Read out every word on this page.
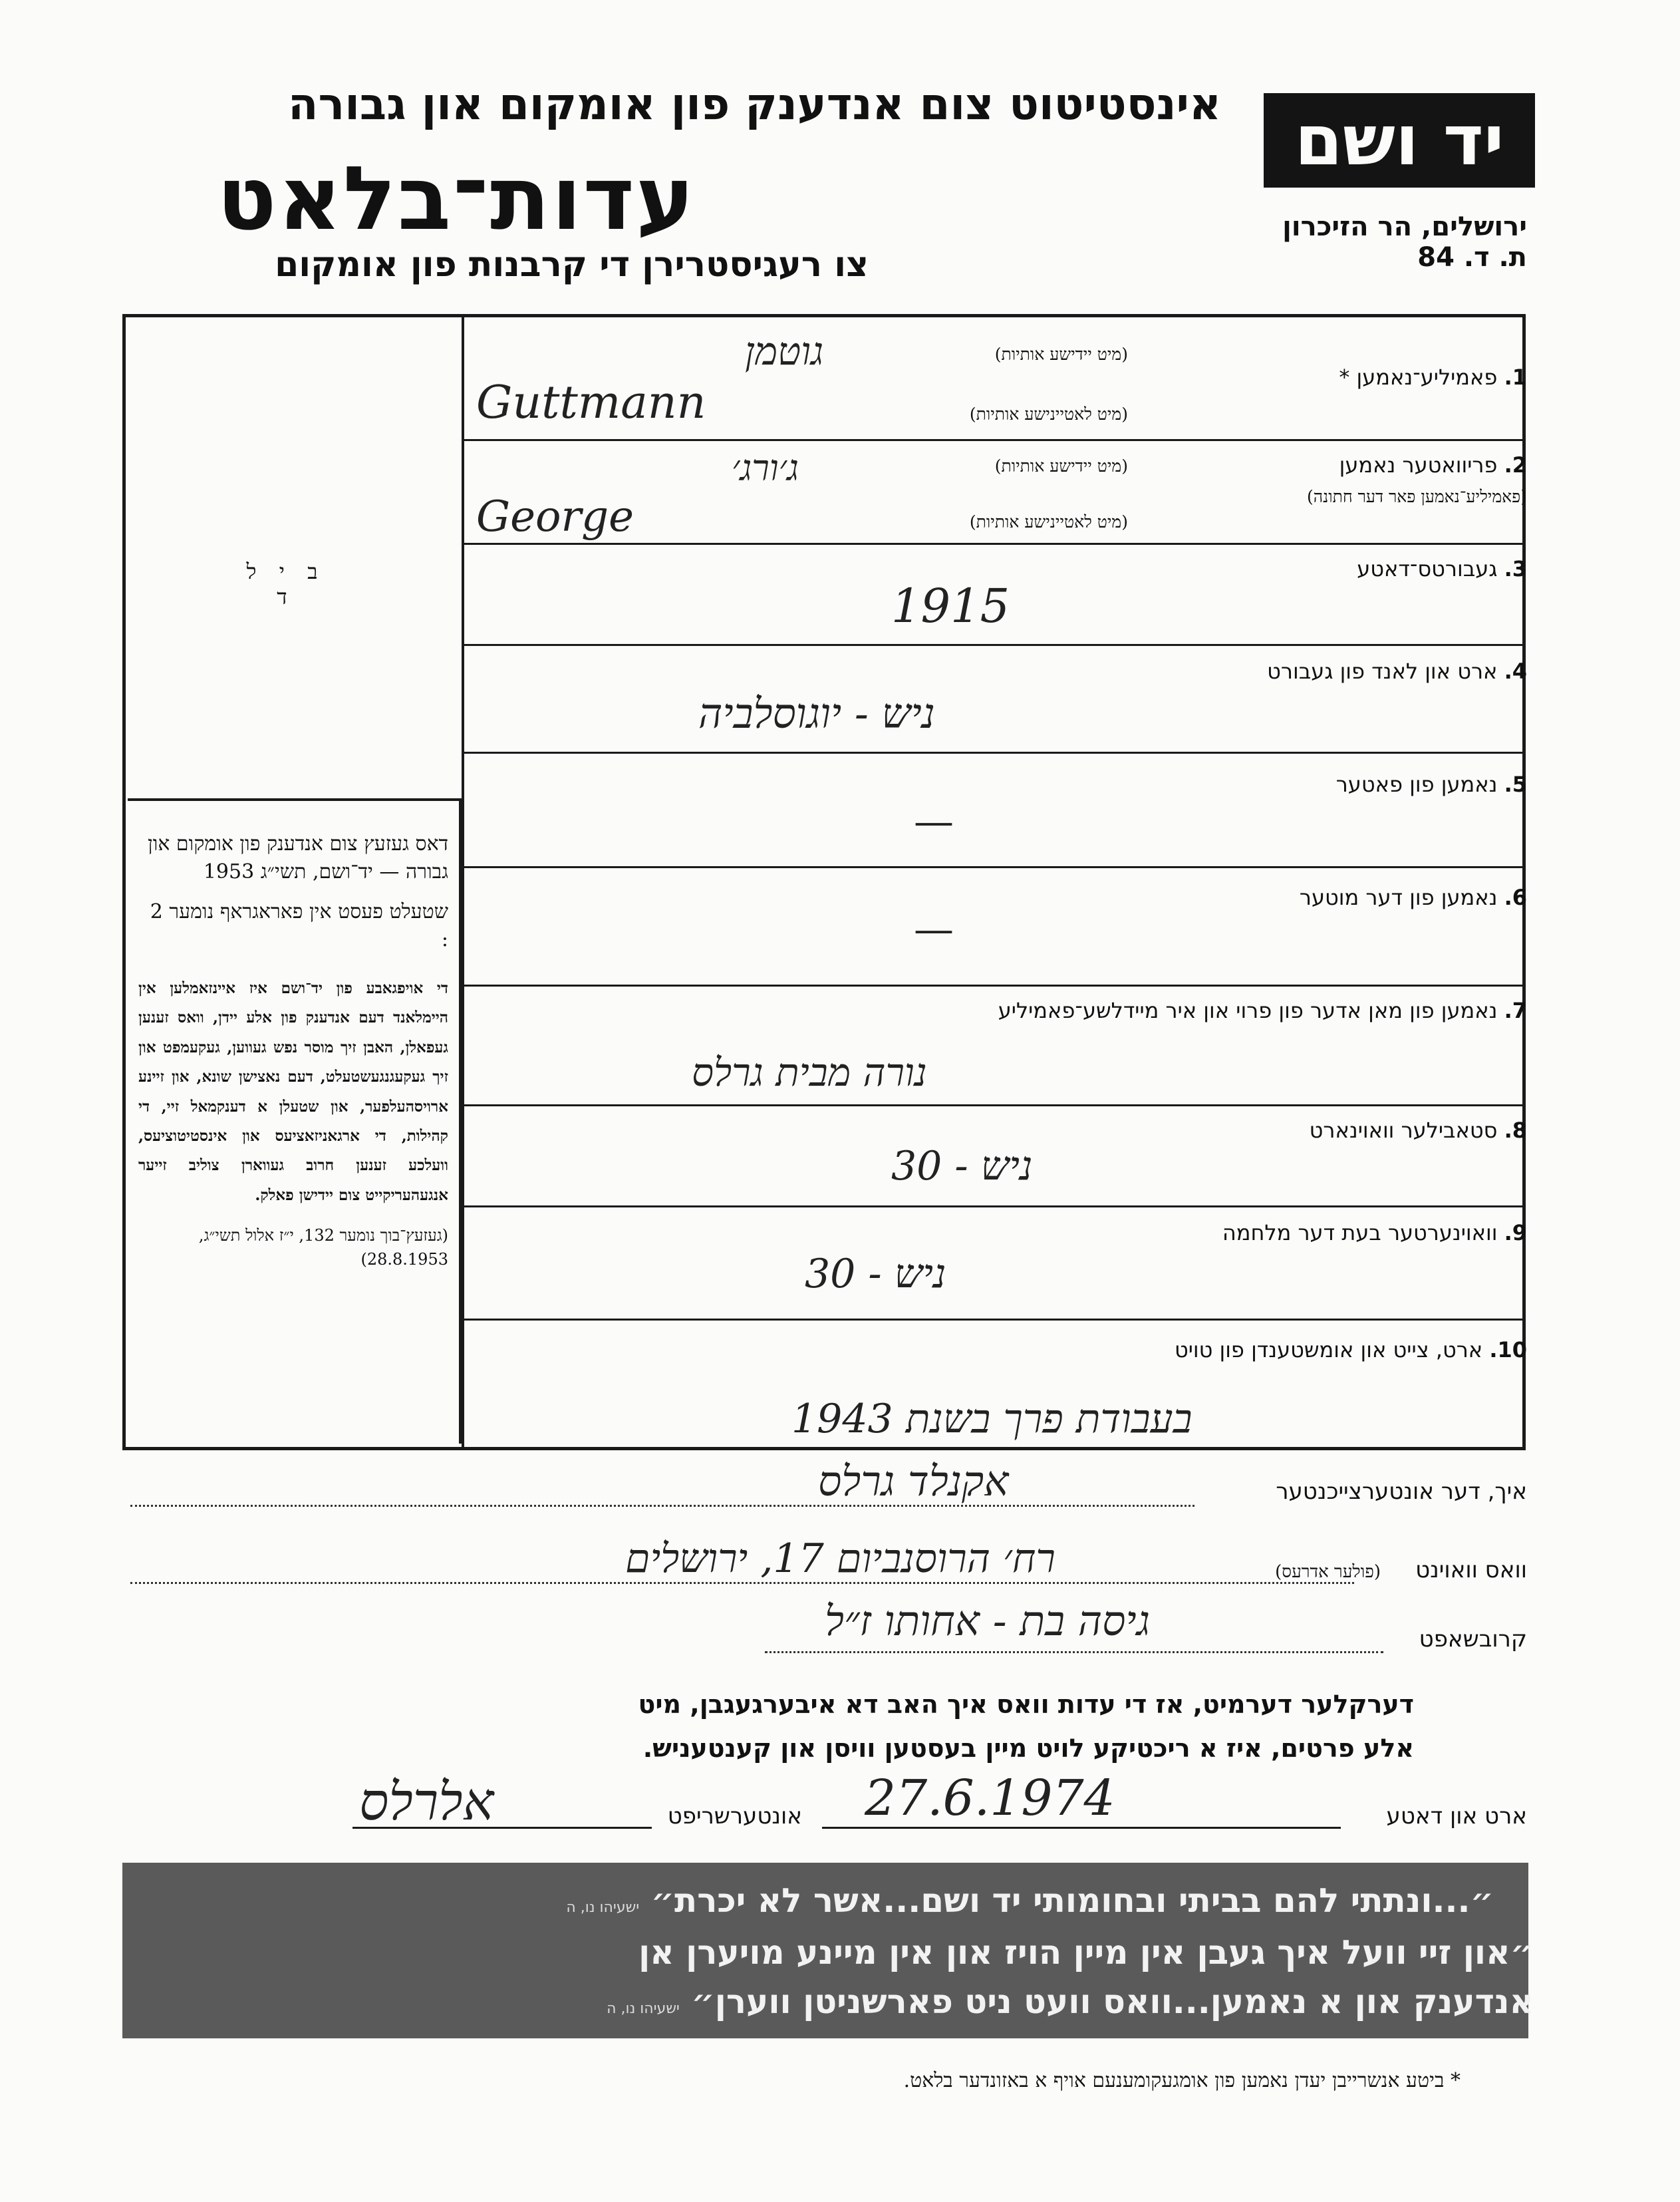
יד ושם
אינסטיטוט צום אנדענק פון אומקום און גבורה
עדות־בלאט
צו רעגיסטרירן די קרבנות פון אומקום
ירושלים, הר הזיכרון
ת. ד. 84
ב י ל ד

דאס געזעץ צום אנדענק פון אומקום און גבורה — יד־ושם, תשי״ג 1953

שטעלט פעסט אין פאראגראף נומער 2 :

די אויפגאבע פון יד־ושם איז איינזאמלען אין היימלאנד דעם אנדענק פון אלע יידן, וואס זענען געפאלן, האבן זיך מוסר נפש געווען, געקעמפט און זיך געקעגנגעשטעלט, דעם נאצישן שונא, און זיינע ארויסהעלפער, און שטעלן א דענקמאל זיי, די קהילות, די ארגאניזאציעס און אינסטיטוציעס, וועלכע זענען חרוב געווארן צוליב זייער אנגעהעריקייט צום יידישן פאלק.

(געזעץ־בוך נומער 132, י״ז אלול תשי״ג, 28.8.1953)

1. פאמיליע־נאמען *
(מיט יידישע אותיות)
(מיט לאטיינישע אותיות)
גוטמן
Guttmann
2. פריוואטער נאמען
(פאמיליע־נאמען פאר דער חתונה)
(מיט יידישע אותיות)
(מיט לאטיינישע אותיות)
ג׳ורג׳
George
3. געבורטס־דאטע
1915
4. ארט און לאנד פון געבורט
ניש - יוגוסלביה
5. נאמען פון פאטער
—
6. נאמען פון דער מוטער
—
7. נאמען פון מאן אדער פון פרוי און איר מיידלשע־פאמיליע
נורה מבית גרלס
8. סטאבילער וואוינארט
ניש - 30
9. וואוינערטער בעת דער מלחמה
ניש - 30
10. ארט, צייט און אומשטענדן פון טויט
בעבודת פרך בשנת 1943
איך, דער אונטערצייכנטער
אקנלד גרלס
וואס וואוינט
(פולער אדרעס)
רח׳ הרוסנביום 17, ירושלים
קרובשאפט
גיסה בת - אחותו ז״ל
דערקלער דערמיט, אז די עדות וואס איך האב דא איבערגעגבן, מיט
אלע פרטים, איז א ריכטיקע לויט מיין בעסטען וויסן און קענטעניש.
ארט און דאטע
27.6.1974
אונטערשריפט
אלרלס
״...ונתתי להם בביתי ובחומותי יד ושם...אשר לא יכרת״ ישעיהו נו, ה
״און זיי וועל איך געבן אין מיין הויז און אין מיינע מויערן אן
אנדענק און א נאמען...וואס וועט ניט פארשניטן ווערן״ ישעיהו נו, ה
* ביטע אנשרייבן יעדן נאמען פון אומגעקומענעם אויף א באזונדער בלאט.
